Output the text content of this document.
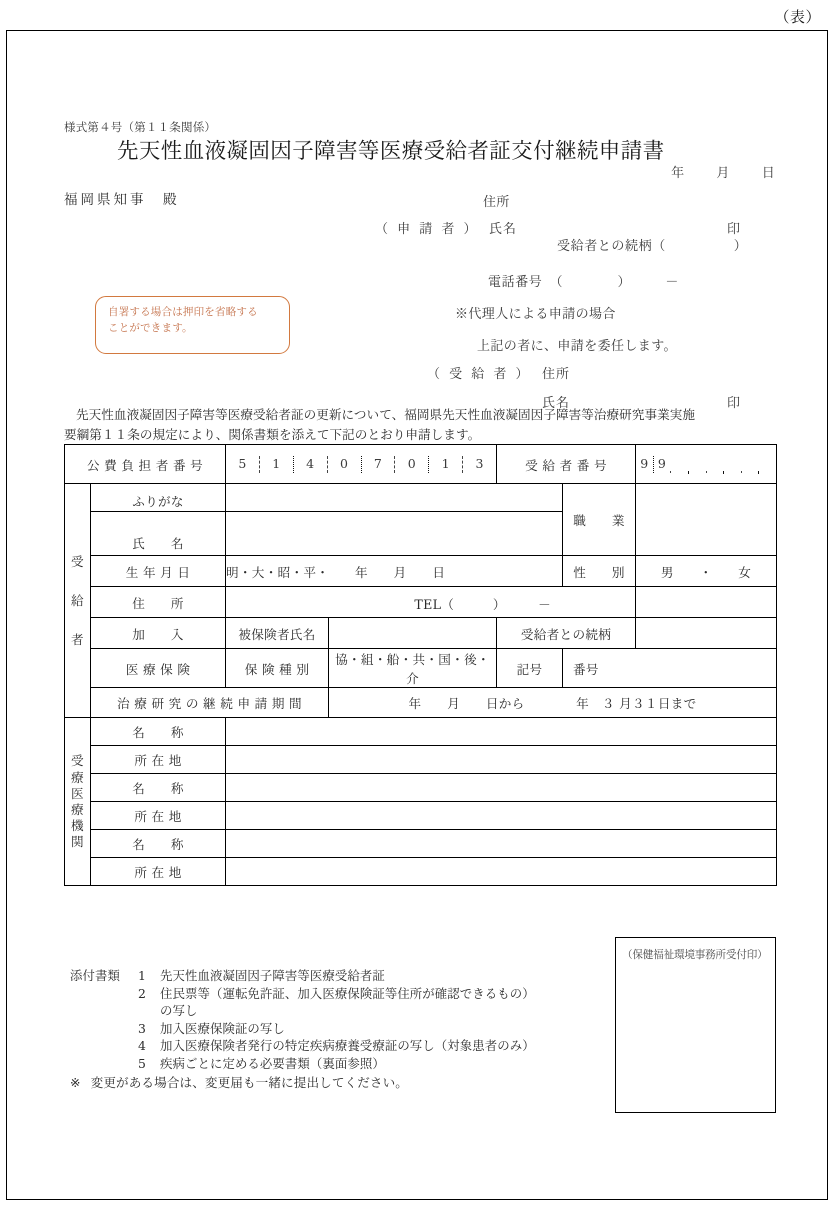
（表）
様式第４号（第１１条関係）
先天性血液凝固因子障害等医療受給者証交付継続申請書
年 月 日
福岡県知事　殿	住所
（ 申 請 者 ） 氏名	印
受給者との続柄（　　　　　）
電話番号　（　　　　）　　　－
※代理人による申請の場合
上記の者に、申請を委任します。
（ 受 給 者 ） 住所
氏名	印
自署する場合は押印を省略する
ことができます。
先天性血液凝固因子障害等医療受給者証の更新について、福岡県先天性血液凝固因子障害等治療研究事業実施
要綱第１１条の規定により、関係書類を添えて下記のとおり申請します。
公 費 負 担 者 番 号	5	1	4	0	7	0	1	3	受 給 者 番 号	9 9

受
給
者	ふりがな				職　　業		
	氏　　名						
	生 年 月 日	明・大・昭・平・　　年　　月　　日			性　　別	男　　・　　女	
	住　　所	TEL（　　　）　　　－					

	加　　入	被保険者氏名		受給者との続柄			
	医 療 保 険	保 険 種 別	協・組・船・共・国・後・介	記号	番号		
	治 療 研 究 の 継 続 申 請 期 間		年　　月　　日から　　　　年　３ 月３１日まで				

受
療
医
療
機
関
	名　　称	
	所 在 地						
	名　　称						
	所 在 地						
	名　　称						
	所 在 地						
添付書類	1	先天性血液凝固因子障害等医療受給者証
2	住民票等（運転免許証、加入医療保険証等住所が確認できるもの）
の写し
3	加入医療保険証の写し
4	加入医療保険者発行の特定疾病療養受療証の写し（対象患者のみ）
5	疾病ごとに定める必要書類（裏面参照）
※ 変更がある場合は、変更届も一緒に提出してください。
（保健福祉環境事務所受付印）
